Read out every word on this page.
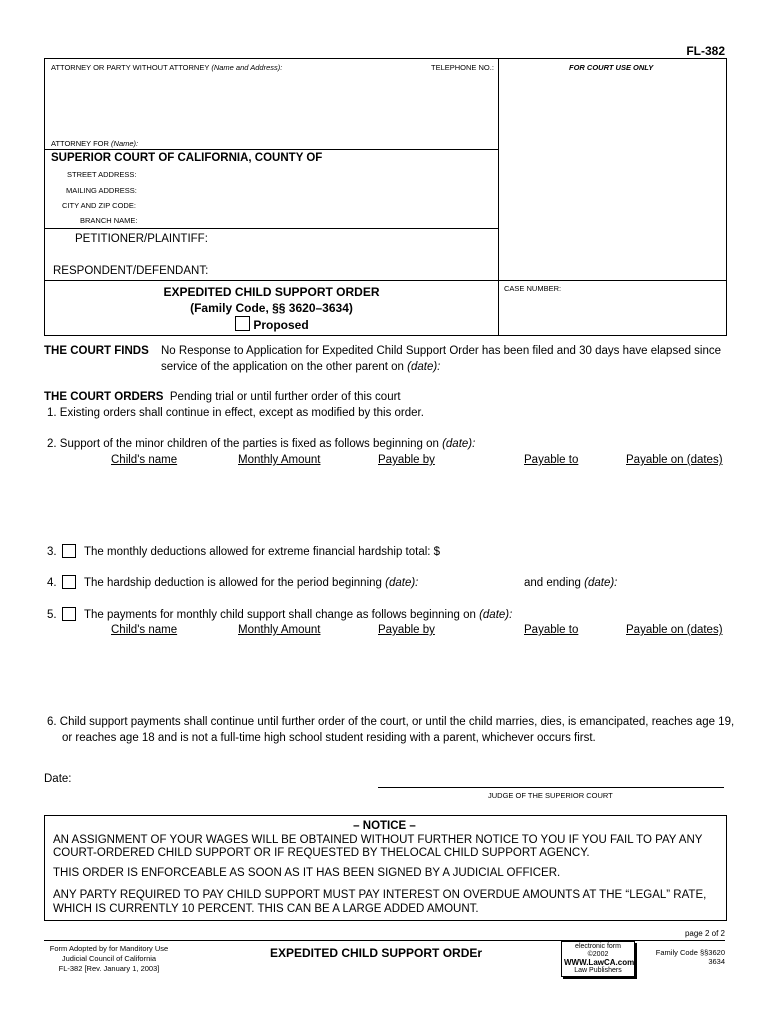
FL-382
ATTORNEY OR PARTY WITHOUT ATTORNEY (Name and Address):	TELEPHONE NO.:	FOR COURT USE ONLY
ATTORNEY FOR (Name):
SUPERIOR COURT OF CALIFORNIA, COUNTY OF
STREET ADDRESS:
MAILING ADDRESS:
CITY AND ZIP CODE:
BRANCH NAME:
PETITIONER/PLAINTIFF:
RESPONDENT/DEFENDANT:
EXPEDITED CHILD SUPPORT ORDER
(Family Code, §§ 3620–3634)
Proposed
CASE NUMBER:
THE COURT FINDS No Response to Application for Expedited Child Support Order has been filed and 30 days have elapsed since
service of the application on the other parent on (date):
THE COURT ORDERS Pending trial or until further order of this court
1. Existing orders shall continue in effect, except as modified by this order.
2. Support of the minor children of the parties is fixed as follows beginning on (date):
Child's name	Monthly Amount	Payable by	Payable to	Payable on (dates)
3. The monthly deductions allowed for extreme financial hardship total: $
4. The hardship deduction is allowed for the period beginning (date):	and ending (date):
5. The payments for monthly child support shall change as follows beginning on (date):
Child's name	Monthly Amount	Payable by	Payable to	Payable on (dates)
6. Child support payments shall continue until further order of the court, or until the child marries, dies, is emancipated, reaches age 19,
or reaches age 18 and is not a full-time high school student residing with a parent, whichever occurs first.
Date:
JUDGE OF THE SUPERIOR COURT
– NOTICE –
AN ASSIGNMENT OF YOUR WAGES WILL BE OBTAINED WITHOUT FURTHER NOTICE TO YOU IF YOU FAIL TO PAY ANY
COURT-ORDERED CHILD SUPPORT OR IF REQUESTED BY THELOCAL CHILD SUPPORT AGENCY.
THIS ORDER IS ENFORCEABLE AS SOON AS IT HAS BEEN SIGNED BY A JUDICIAL OFFICER.
ANY PARTY REQUIRED TO PAY CHILD SUPPORT MUST PAY INTEREST ON OVERDUE AMOUNTS AT THE “LEGAL” RATE,
WHICH IS CURRENTLY 10 PERCENT. THIS CAN BE A LARGE ADDED AMOUNT.
page 2 of 2
Form Adopted by for Manditory Use
Judicial Council of California
FL-382 [Rev. January 1, 2003]
EXPEDITED CHILD SUPPORT ORDEr	electronic form ©2002
WWW.LawCA.com
Law Publishers
Family Code §§3620
3634
